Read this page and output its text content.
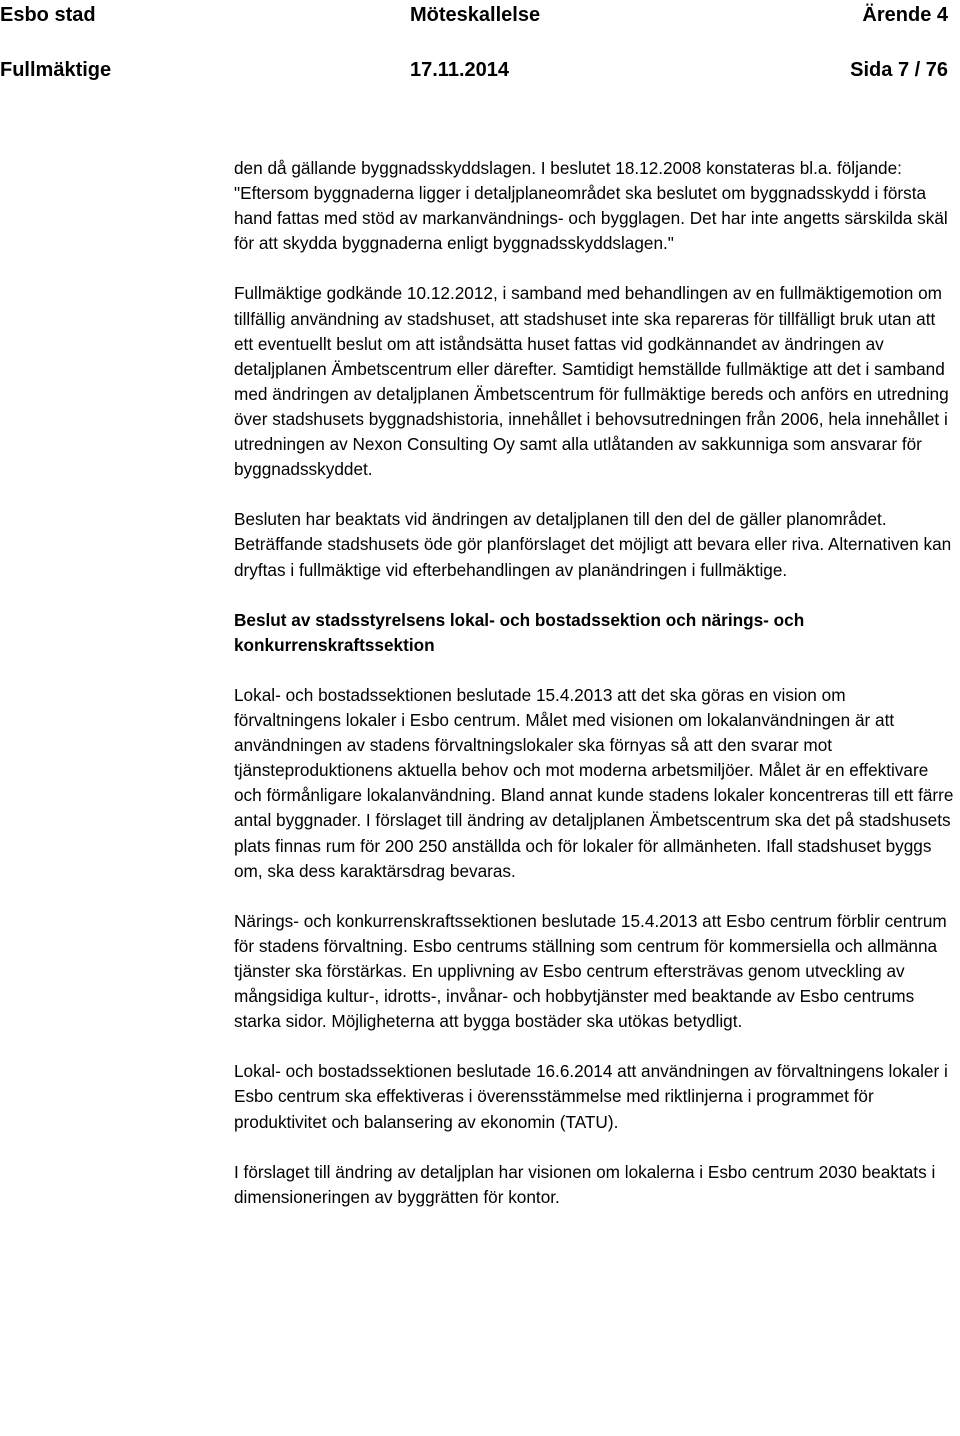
Esbo stad	Möteskallelse	Ärende 4
Fullmäktige	17.11.2014	Sida 7 / 76

den då gällande byggnadsskyddslagen. I beslutet 18.12.2008 konstateras bl.a. följande: "Eftersom byggnaderna ligger i detaljplaneområdet ska beslutet om byggnadsskydd i första hand fattas med stöd av markanvändnings- och bygglagen. Det har inte angetts särskilda skäl för att skydda byggnaderna enligt byggnadsskyddslagen."

Fullmäktige godkände 10.12.2012, i samband med behandlingen av en fullmäktigemotion om tillfällig användning av stadshuset, att stadshuset inte ska repareras för tillfälligt bruk utan att ett eventuellt beslut om att iståndsätta huset fattas vid godkännandet av ändringen av detaljplanen Ämbetscentrum eller därefter. Samtidigt hemställde fullmäktige att det i samband med ändringen av detaljplanen Ämbetscentrum för fullmäktige bereds och anförs en utredning över stadshusets byggnadshistoria, innehållet i behovsutredningen från 2006, hela innehållet i utredningen av Nexon Consulting Oy samt alla utlåtanden av sakkunniga som ansvarar för byggnadsskyddet.

Besluten har beaktats vid ändringen av detaljplanen till den del de gäller planområdet. Beträffande stadshusets öde gör planförslaget det möjligt att bevara eller riva. Alternativen kan dryftas i fullmäktige vid efterbehandlingen av planändringen i fullmäktige.

Beslut av stadsstyrelsens lokal- och bostadssektion och närings- och konkurrenskraftssektion

Lokal- och bostadssektionen beslutade 15.4.2013 att det ska göras en vision om förvaltningens lokaler i Esbo centrum. Målet med visionen om lokalanvändningen är att användningen av stadens förvaltningslokaler ska förnyas så att den svarar mot tjänsteproduktionens aktuella behov och mot moderna arbetsmiljöer. Målet är en effektivare och förmånligare lokalanvändning. Bland annat kunde stadens lokaler koncentreras till ett färre antal byggnader. I förslaget till ändring av detaljplanen Ämbetscentrum ska det på stadshusets plats finnas rum för 200 250 anställda och för lokaler för allmänheten. Ifall stadshuset byggs om, ska dess karaktärsdrag bevaras.

Närings- och konkurrenskraftssektionen beslutade 15.4.2013 att Esbo centrum förblir centrum för stadens förvaltning. Esbo centrums ställning som centrum för kommersiella och allmänna tjänster ska förstärkas. En upplivning av Esbo centrum eftersträvas genom utveckling av mångsidiga kultur-, idrotts-, invånar- och hobbytjänster med beaktande av Esbo centrums starka sidor. Möjligheterna att bygga bostäder ska utökas betydligt.

Lokal- och bostadssektionen beslutade 16.6.2014 att användningen av förvaltningens lokaler i Esbo centrum ska effektiveras i överensstämmelse med riktlinjerna i programmet för produktivitet och balansering av ekonomin (TATU).

I förslaget till ändring av detaljplan har visionen om lokalerna i Esbo centrum 2030 beaktats i dimensioneringen av byggrätten för kontor.
